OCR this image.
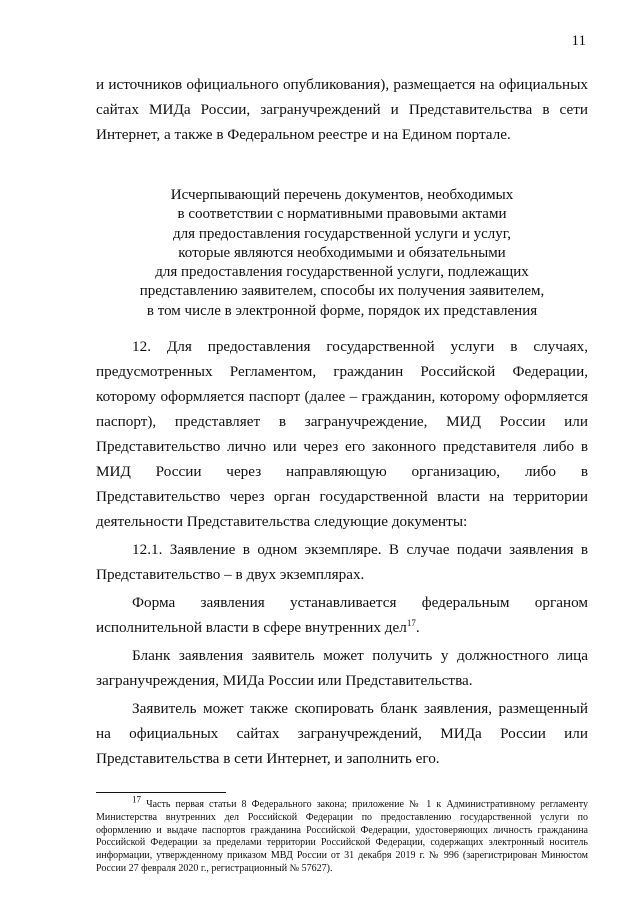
11

и источников официального опубликования), размещается на официальных сайтах МИДа России, загранучреждений и Представительства в сети Интернет, а также в Федеральном реестре и на Едином портале.

Исчерпывающий перечень документов, необходимых
в соответствии с нормативными правовыми актами
для предоставления государственной услуги и услуг,
которые являются необходимыми и обязательными
для предоставления государственной услуги, подлежащих
представлению заявителем, способы их получения заявителем,
в том числе в электронной форме, порядок их представления

12. Для предоставления государственной услуги в случаях, предусмотренных Регламентом, гражданин Российской Федерации, которому оформляется паспорт (далее – гражданин, которому оформляется паспорт), представляет в загранучреждение, МИД России или Представительство лично или через его законного представителя либо в МИД России через направляющую организацию, либо в Представительство через орган государственной власти на территории деятельности Представительства следующие документы:

12.1. Заявление в одном экземпляре. В случае подачи заявления в Представительство – в двух экземплярах.

Форма заявления устанавливается федеральным органом исполнительной власти в сфере внутренних дел$^{17}$.

Бланк заявления заявитель может получить у должностного лица загранучреждения, МИДа России или Представительства.

Заявитель может также скопировать бланк заявления, размещенный на официальных сайтах загранучреждений, МИДа России или Представительства в сети Интернет, и заполнить его.

17 Часть первая статьи 8 Федерального закона; приложение № 1 к Административному регламенту Министерства внутренних дел Российской Федерации по предоставлению государственной услуги по оформлению и выдаче паспортов гражданина Российской Федерации, удостоверяющих личность гражданина Российской Федерации за пределами территории Российской Федерации, содержащих электронный носитель информации, утвержденному приказом МВД России от 31 декабря 2019 г. № 996 (зарегистрирован Минюстом России 27 февраля 2020 г., регистрационный № 57627).
